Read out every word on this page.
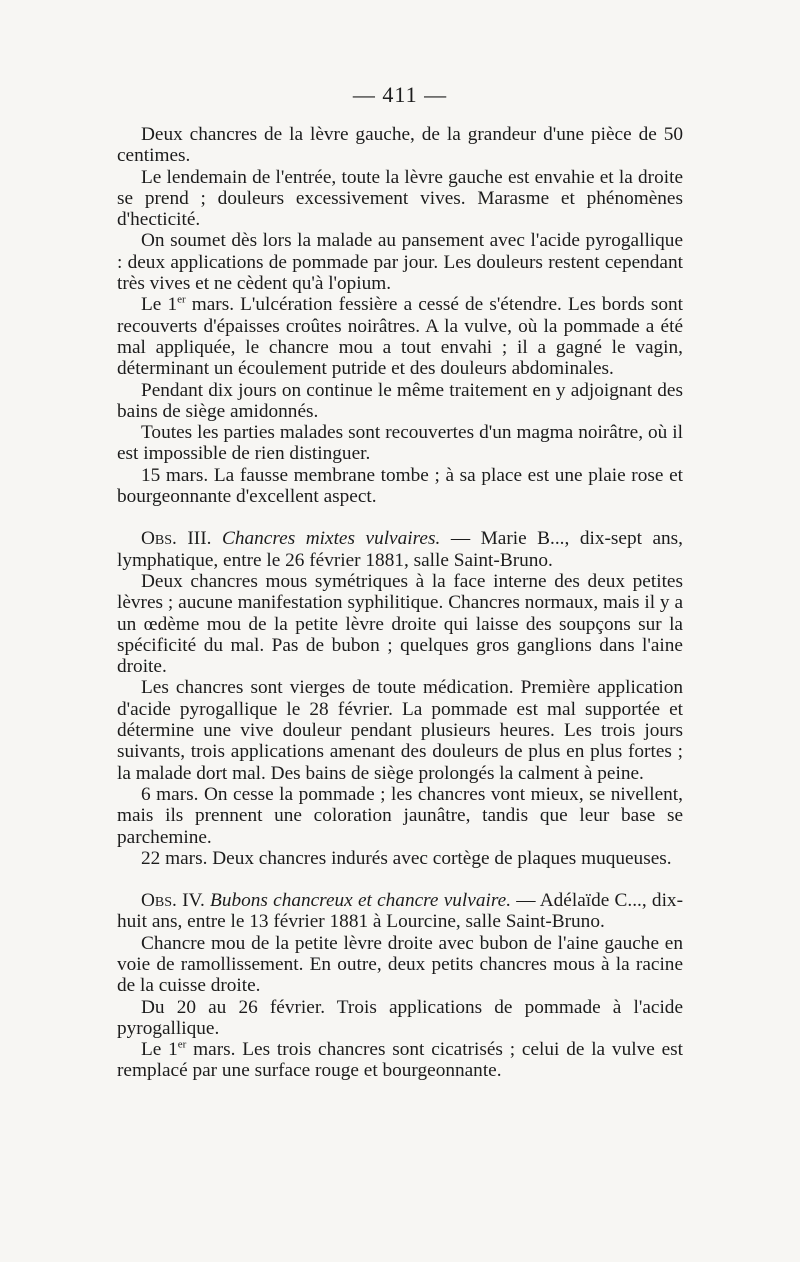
— 411 —

Deux chancres de la lèvre gauche, de la grandeur d'une pièce de 50 centimes.

Le lendemain de l'entrée, toute la lèvre gauche est envahie et la droite se prend ; douleurs excessivement vives. Marasme et phénomènes d'hecticité.

On soumet dès lors la malade au pansement avec l'acide pyrogallique : deux applications de pommade par jour. Les douleurs restent cependant très vives et ne cèdent qu'à l'opium.

Le 1er mars. L'ulcération fessière a cessé de s'étendre. Les bords sont recouverts d'épaisses croûtes noirâtres. A la vulve, où la pommade a été mal appliquée, le chancre mou a tout envahi ; il a gagné le vagin, déterminant un écoulement putride et des douleurs abdominales.

Pendant dix jours on continue le même traitement en y adjoignant des bains de siège amidonnés.

Toutes les parties malades sont recouvertes d'un magma noirâtre, où il est impossible de rien distinguer.

15 mars. La fausse membrane tombe ; à sa place est une plaie rose et bourgeonnante d'excellent aspect.

Obs. III. Chancres mixtes vulvaires. — Marie B..., dix-sept ans, lymphatique, entre le 26 février 1881, salle Saint-Bruno.

Deux chancres mous symétriques à la face interne des deux petites lèvres ; aucune manifestation syphilitique. Chancres normaux, mais il y a un œdème mou de la petite lèvre droite qui laisse des soupçons sur la spécificité du mal. Pas de bubon ; quelques gros ganglions dans l'aine droite.

Les chancres sont vierges de toute médication. Première application d'acide pyrogallique le 28 février. La pommade est mal supportée et détermine une vive douleur pendant plusieurs heures. Les trois jours suivants, trois applications amenant des douleurs de plus en plus fortes ; la malade dort mal. Des bains de siège prolongés la calment à peine.

6 mars. On cesse la pommade ; les chancres vont mieux, se nivellent, mais ils prennent une coloration jaunâtre, tandis que leur base se parchemine.

22 mars. Deux chancres indurés avec cortège de plaques muqueuses.

Obs. IV. Bubons chancreux et chancre vulvaire. — Adélaïde C..., dix-huit ans, entre le 13 février 1881 à Lourcine, salle Saint-Bruno.

Chancre mou de la petite lèvre droite avec bubon de l'aine gauche en voie de ramollissement. En outre, deux petits chancres mous à la racine de la cuisse droite.

Du 20 au 26 février. Trois applications de pommade à l'acide pyrogallique.

Le 1er mars. Les trois chancres sont cicatrisés ; celui de la vulve est remplacé par une surface rouge et bourgeonnante.
